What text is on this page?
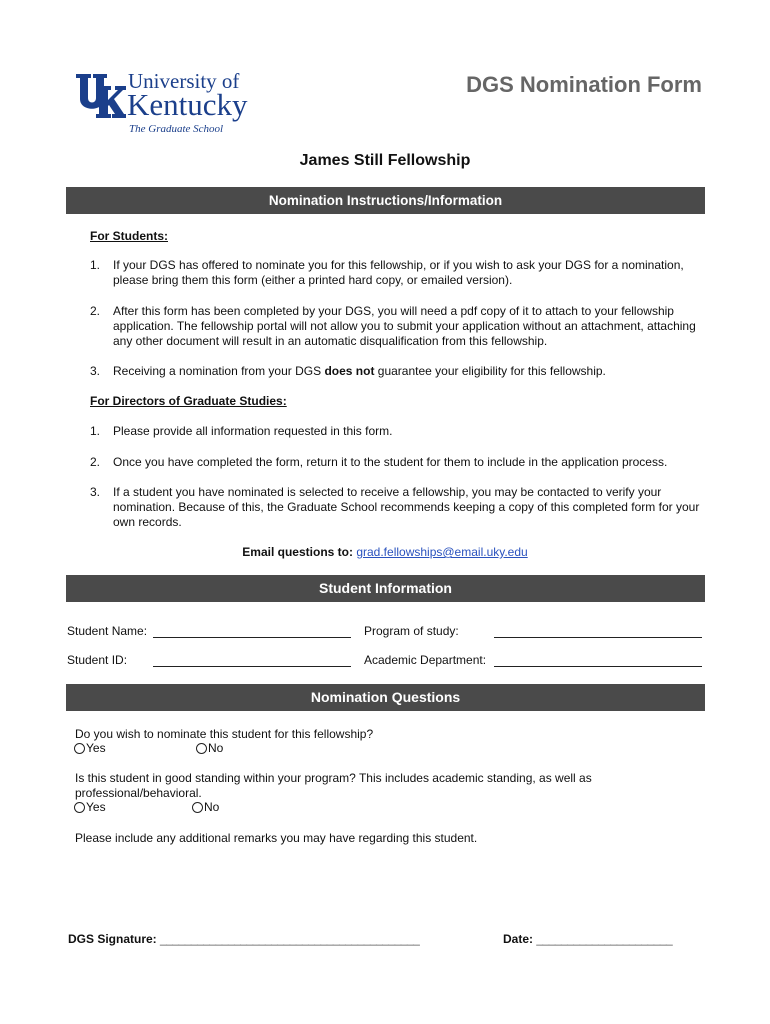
University of
Kentucky
The Graduate School
DGS Nomination Form
James Still Fellowship
Nomination Instructions/Information
For Students:
1. If your DGS has offered to nominate you for this fellowship, or if you wish to ask your DGS for a nomination, please bring them this form (either a printed hard copy, or emailed version).
2. After this form has been completed by your DGS, you will need a pdf copy of it to attach to your fellowship application. The fellowship portal will not allow you to submit your application without an attachment, attaching any other document will result in an automatic disqualification from this fellowship.
3. Receiving a nomination from your DGS does not guarantee your eligibility for this fellowship.
For Directors of Graduate Studies:
1. Please provide all information requested in this form.
2. Once you have completed the form, return it to the student for them to include in the application process.
3. If a student you have nominated is selected to receive a fellowship, you may be contacted to verify your nomination. Because of this, the Graduate School recommends keeping a copy of this completed form for your own records.
Email questions to: grad.fellowships@email.uky.edu
Student Information
Student Name:	Program of study:
Student ID:	Academic Department:
Nomination Questions
Do you wish to nominate this student for this fellowship?
Yes	No
Is this student in good standing within your program? This includes academic standing, as well as professional/behavioral.
Yes	No
Please include any additional remarks you may have regarding this student.
DGS Signature: __________________________________________	Date: ______________________
